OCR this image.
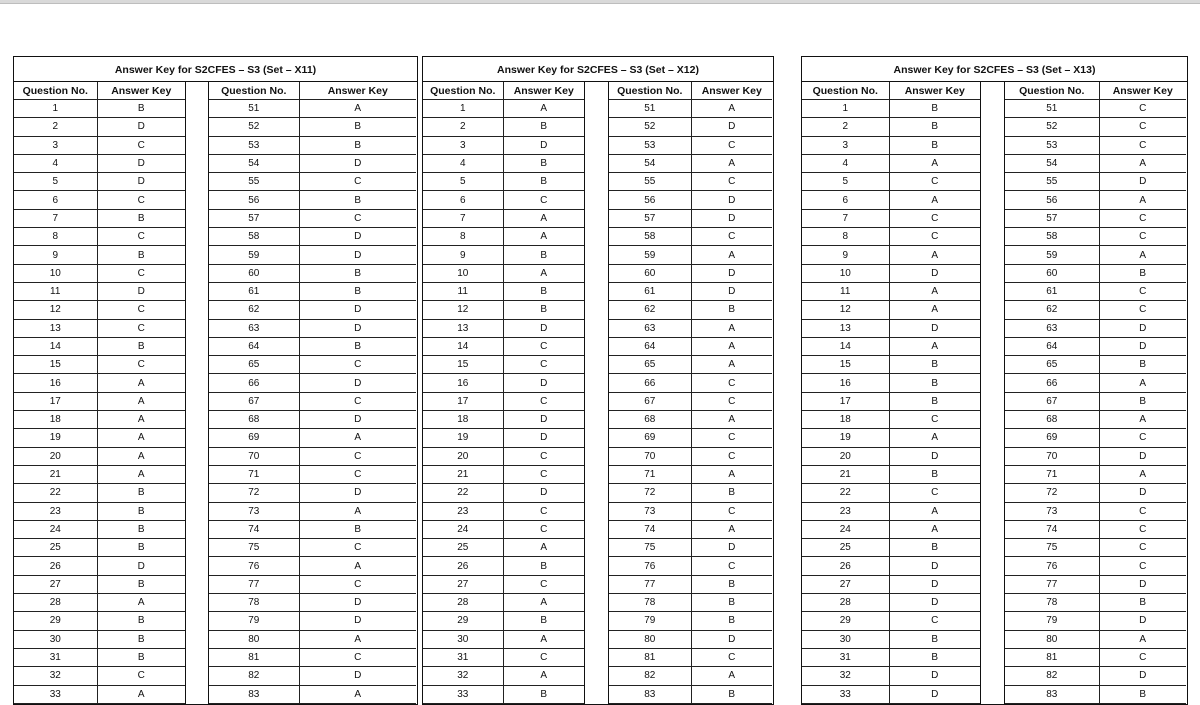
Answer Key for S2CFES – S3 (Set – X11)
Question No.	Answer Key
1	B
2	D
3	C
4	D
5	D
6	C
7	B
8	C
9	B
10	C
11	D
12	C
13	C
14	B
15	C
16	A
17	A
18	A
19	A
20	A
21	A
22	B
23	B
24	B
25	B
26	D
27	B
28	A
29	B
30	B
31	B
32	C
33	A
Question No.	Answer Key
51	A
52	B
53	B
54	D
55	C
56	B
57	C
58	D
59	D
60	B
61	B
62	D
63	D
64	B
65	C
66	D
67	C
68	D
69	A
70	C
71	C
72	D
73	A
74	B
75	C
76	A
77	C
78	D
79	D
80	A
81	C
82	D
83	A
Answer Key for S2CFES – S3 (Set – X12)
Question No.	Answer Key
1	A
2	B
3	D
4	B
5	B
6	C
7	A
8	A
9	B
10	A
11	B
12	B
13	D
14	C
15	C
16	D
17	C
18	D
19	D
20	C
21	C
22	D
23	C
24	C
25	A
26	B
27	C
28	A
29	B
30	A
31	C
32	A
33	B
Question No.	Answer Key
51	A
52	D
53	C
54	A
55	C
56	D
57	D
58	C
59	A
60	D
61	D
62	B
63	A
64	A
65	A
66	C
67	C
68	A
69	C
70	C
71	A
72	B
73	C
74	A
75	D
76	C
77	B
78	B
79	B
80	D
81	C
82	A
83	B
Answer Key for S2CFES – S3 (Set – X13)
Question No.	Answer Key
1	B
2	B
3	B
4	A
5	C
6	A
7	C
8	C
9	A
10	D
11	A
12	A
13	D
14	A
15	B
16	B
17	B
18	C
19	A
20	D
21	B
22	C
23	A
24	A
25	B
26	D
27	D
28	D
29	C
30	B
31	B
32	D
33	D
Question No.	Answer Key
51	C
52	C
53	C
54	A
55	D
56	A
57	C
58	C
59	A
60	B
61	C
62	C
63	D
64	D
65	B
66	A
67	B
68	A
69	C
70	D
71	A
72	D
73	C
74	C
75	C
76	C
77	D
78	B
79	D
80	A
81	C
82	D
83	B
